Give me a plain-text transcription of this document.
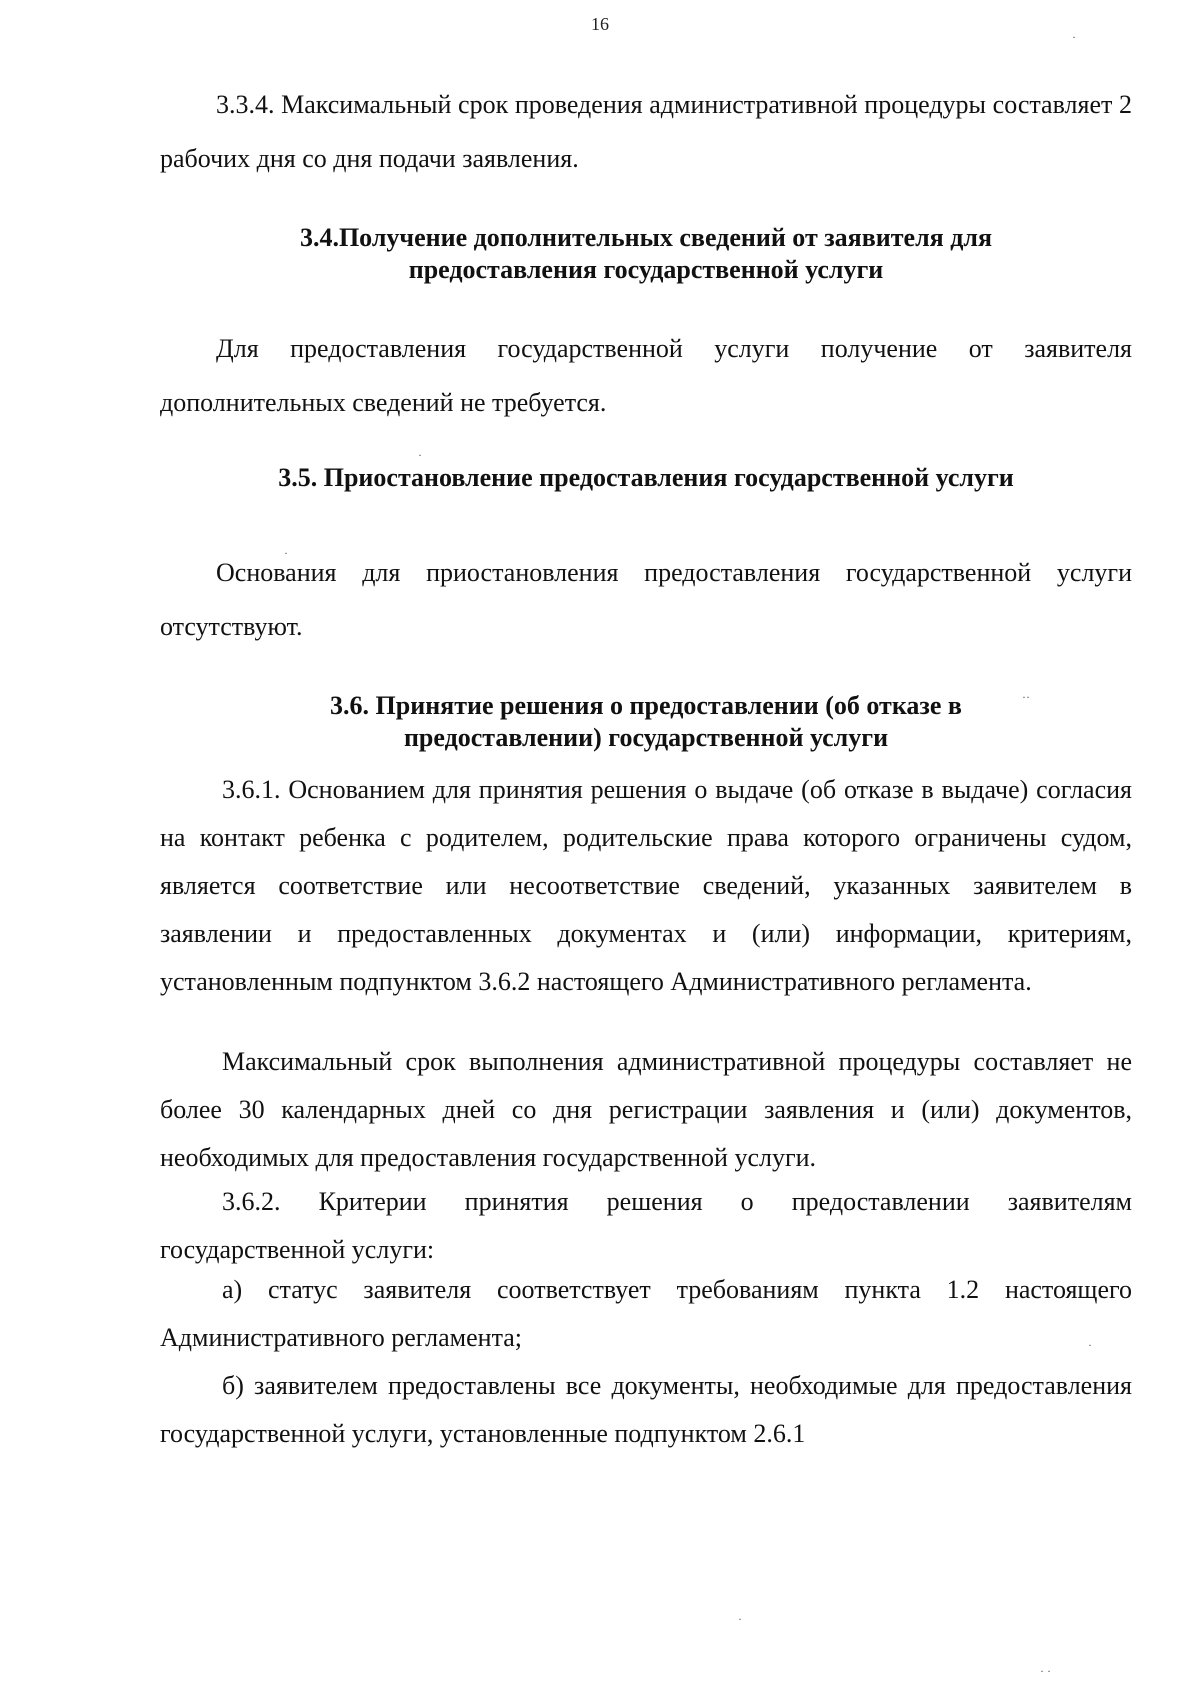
16
3.3.4. Максимальный срок проведения административной процедуры составляет 2 рабочих дня со дня подачи заявления.
3.4.Получение дополнительных сведений от заявителя для
предоставления государственной услуги
Для предоставления государственной услуги получение от заявителя дополнительных сведений не требуется.
3.5. Приостановление предоставления государственной услуги
Основания для приостановления предоставления государственной услуги отсутствуют.
3.6. Принятие решения о предоставлении (об отказе в
предоставлении) государственной услуги
3.6.1. Основанием для принятия решения о выдаче (об отказе в выдаче) согласия на контакт ребенка с родителем, родительские права которого ограничены судом, является соответствие или несоответствие сведений, указанных заявителем в заявлении и предоставленных документах и (или) информации, критериям, установленным подпунктом 3.6.2 настоящего Административного регламента.
Максимальный срок выполнения административной процедуры составляет не более 30 календарных дней со дня регистрации заявления и (или) документов, необходимых для предоставления государственной услуги.
3.6.2. Критерии принятия решения о предоставлении заявителям государственной услуги:
а) статус заявителя соответствует требованиям пункта 1.2 настоящего Административного регламента;
б) заявителем предоставлены все документы, необходимые для предоставления государственной услуги, установленные подпунктом 2.6.1
·
·
·
··
·
·
· ·
